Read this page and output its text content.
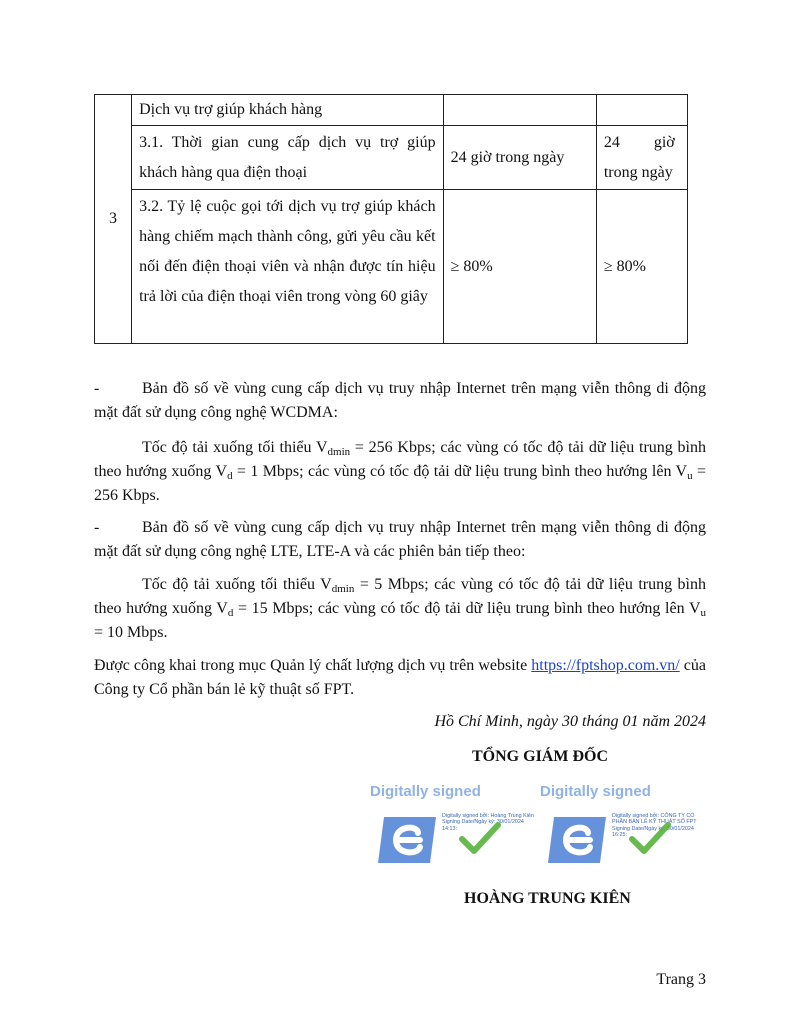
3	Dịch vụ trợ giúp khách hàng		

	3.1. Thời gian cung cấp dịch vụ trợ giúp khách hàng qua điện thoại	24 giờ trong ngày	24 giờ
trong ngày

	3.2. Tỷ lệ cuộc gọi tới dịch vụ trợ giúp khách hàng chiếm mạch thành công, gửi yêu cầu kết nối đến điện thoại viên và nhận được tín hiệu trả lời của điện thoại viên trong vòng 60 giây	≥ 80%	≥ 80%
-	Bản đồ số về vùng cung cấp dịch vụ truy nhập Internet trên mạng viễn thông di động mặt đất sử dụng công nghệ WCDMA:
Tốc độ tải xuống tối thiểu $V_{dmin} = 256$ Kbps; các vùng có tốc độ tải dữ liệu trung bình theo hướng xuống $V_d = 1$ Mbps; các vùng có tốc độ tải dữ liệu trung bình theo hướng lên $V_u = 256$ Kbps.
-	Bản đồ số về vùng cung cấp dịch vụ truy nhập Internet trên mạng viễn thông di động mặt đất sử dụng công nghệ LTE, LTE-A và các phiên bản tiếp theo:
Tốc độ tải xuống tối thiểu $V_{dmin} = 5$ Mbps; các vùng có tốc độ tải dữ liệu trung bình theo hướng xuống $V_d = 15$ Mbps; các vùng có tốc độ tải dữ liệu trung bình theo hướng lên $V_u = 10$ Mbps.
Được công khai trong mục Quản lý chất lượng dịch vụ trên website https://fptshop.com.vn/ của Công ty Cổ phần bán lẻ kỹ thuật số FPT.
Hồ Chí Minh, ngày 30 tháng 01 năm 2024
TỔNG GIÁM ĐỐC
Digitally signed
Digitally signed bởi: Hoàng Trung Kiên Signing Date/Ngày ký: 30/01/2024 14:13:
Digitally signed
Digitally signed bởi: CÔNG TY CỔ PHẦN BÁN LẺ KỸ THUẬT SỐ FPT Signing Date/Ngày ký: 30/01/2024 16:25:
HOÀNG TRUNG KIÊN
Trang 3
